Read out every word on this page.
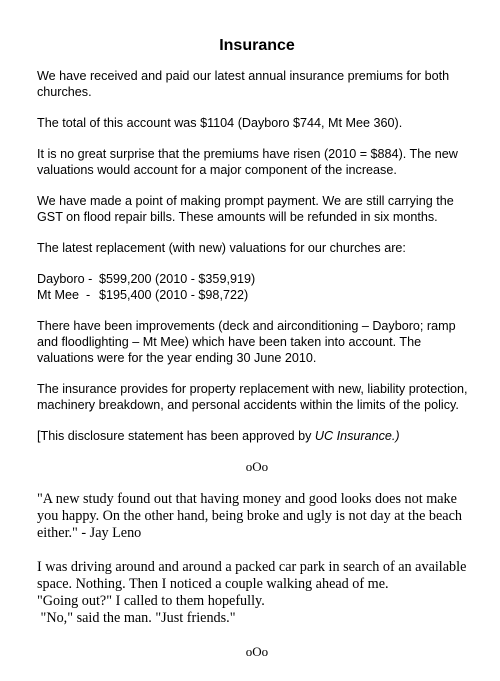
Insurance

We have received and paid our latest annual insurance premiums for both churches.

The total of this account was $1104 (Dayboro $744, Mt Mee 360).

It is no great surprise that the premiums have risen (2010 = $884). The new valuations would account for a major component of the increase.

We have made a point of making prompt payment. We are still carrying the GST on flood repair bills. These amounts will be refunded in six months.

The latest replacement (with new) valuations for our churches are:

Dayboro - $599,200 (2010 - $359,919)
Mt Mee  - $195,400 (2010 - $98,722)

There have been improvements (deck and airconditioning – Dayboro; ramp and floodlighting – Mt Mee) which have been taken into account. The valuations were for the year ending 30 June 2010.

The insurance provides for property replacement with new, liability protection, machinery breakdown, and personal accidents within the limits of the policy.

[This disclosure statement has been approved by UC Insurance.)

oOo

"A new study found out that having money and good looks does not make you happy. On the other hand, being broke and ugly is not day at the beach either." - Jay Leno

I was driving around and around a packed car park in search of an available space. Nothing. Then I noticed a couple walking ahead of me.
"Going out?" I called to them hopefully.
"No," said the man. "Just friends."
oOo
